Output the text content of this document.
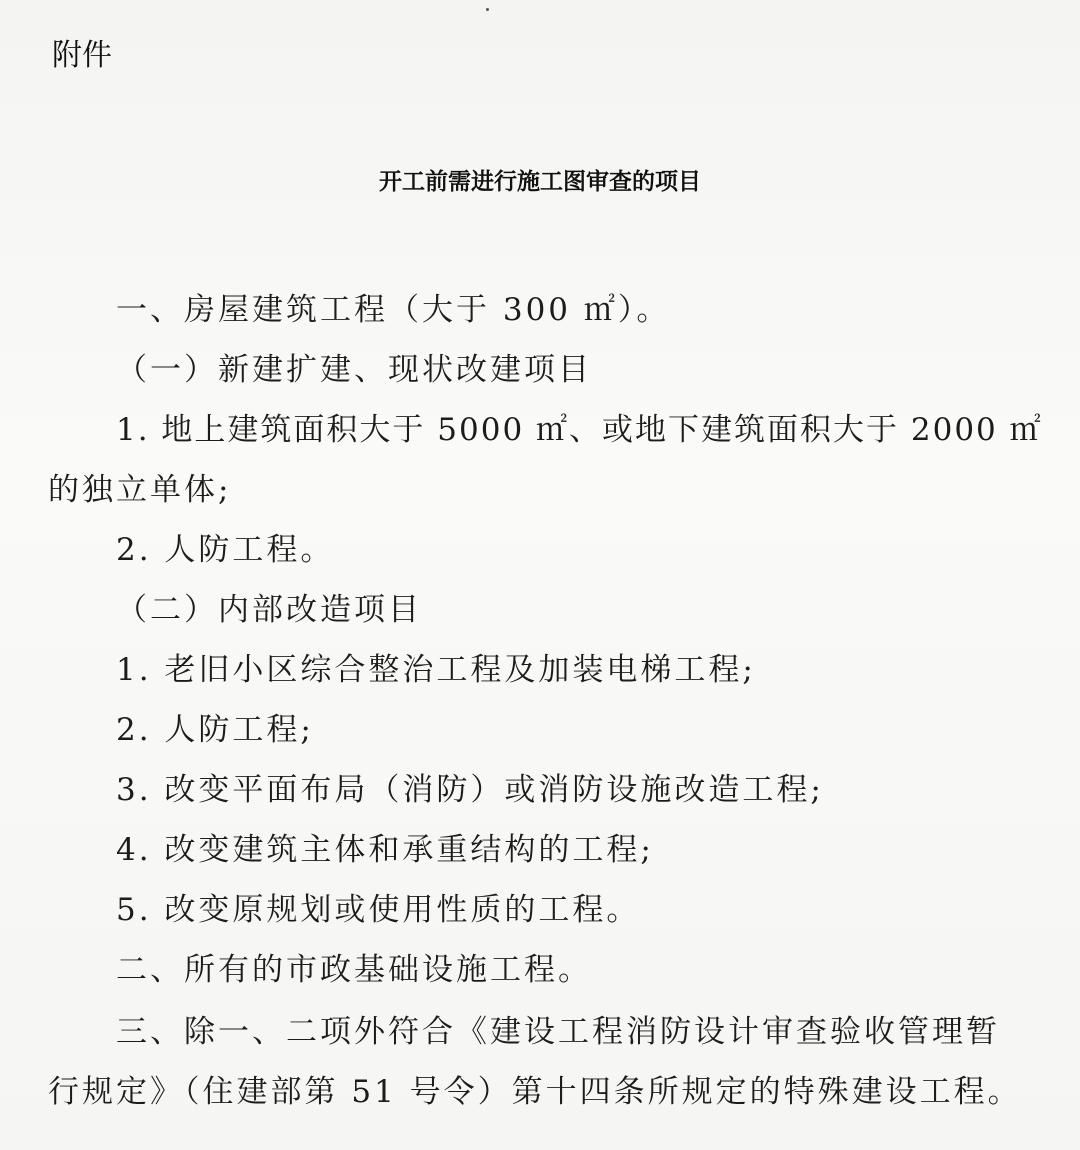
附件
开工前需进行施工图审查的项目
一、房屋建筑工程（大于 300 ㎡）。
（一）新建扩建、现状改建项目
1. 地上建筑面积大于 5000 ㎡、或地下建筑面积大于 2000 ㎡
的独立单体;
2. 人防工程。
（二）内部改造项目
1. 老旧小区综合整治工程及加装电梯工程;
2. 人防工程;
3. 改变平面布局（消防）或消防设施改造工程;
4. 改变建筑主体和承重结构的工程;
5. 改变原规划或使用性质的工程。
二、所有的市政基础设施工程。
三、除一、二项外符合《建设工程消防设计审查验收管理暂
行规定》（住建部第 51 号令）第十四条所规定的特殊建设工程。
